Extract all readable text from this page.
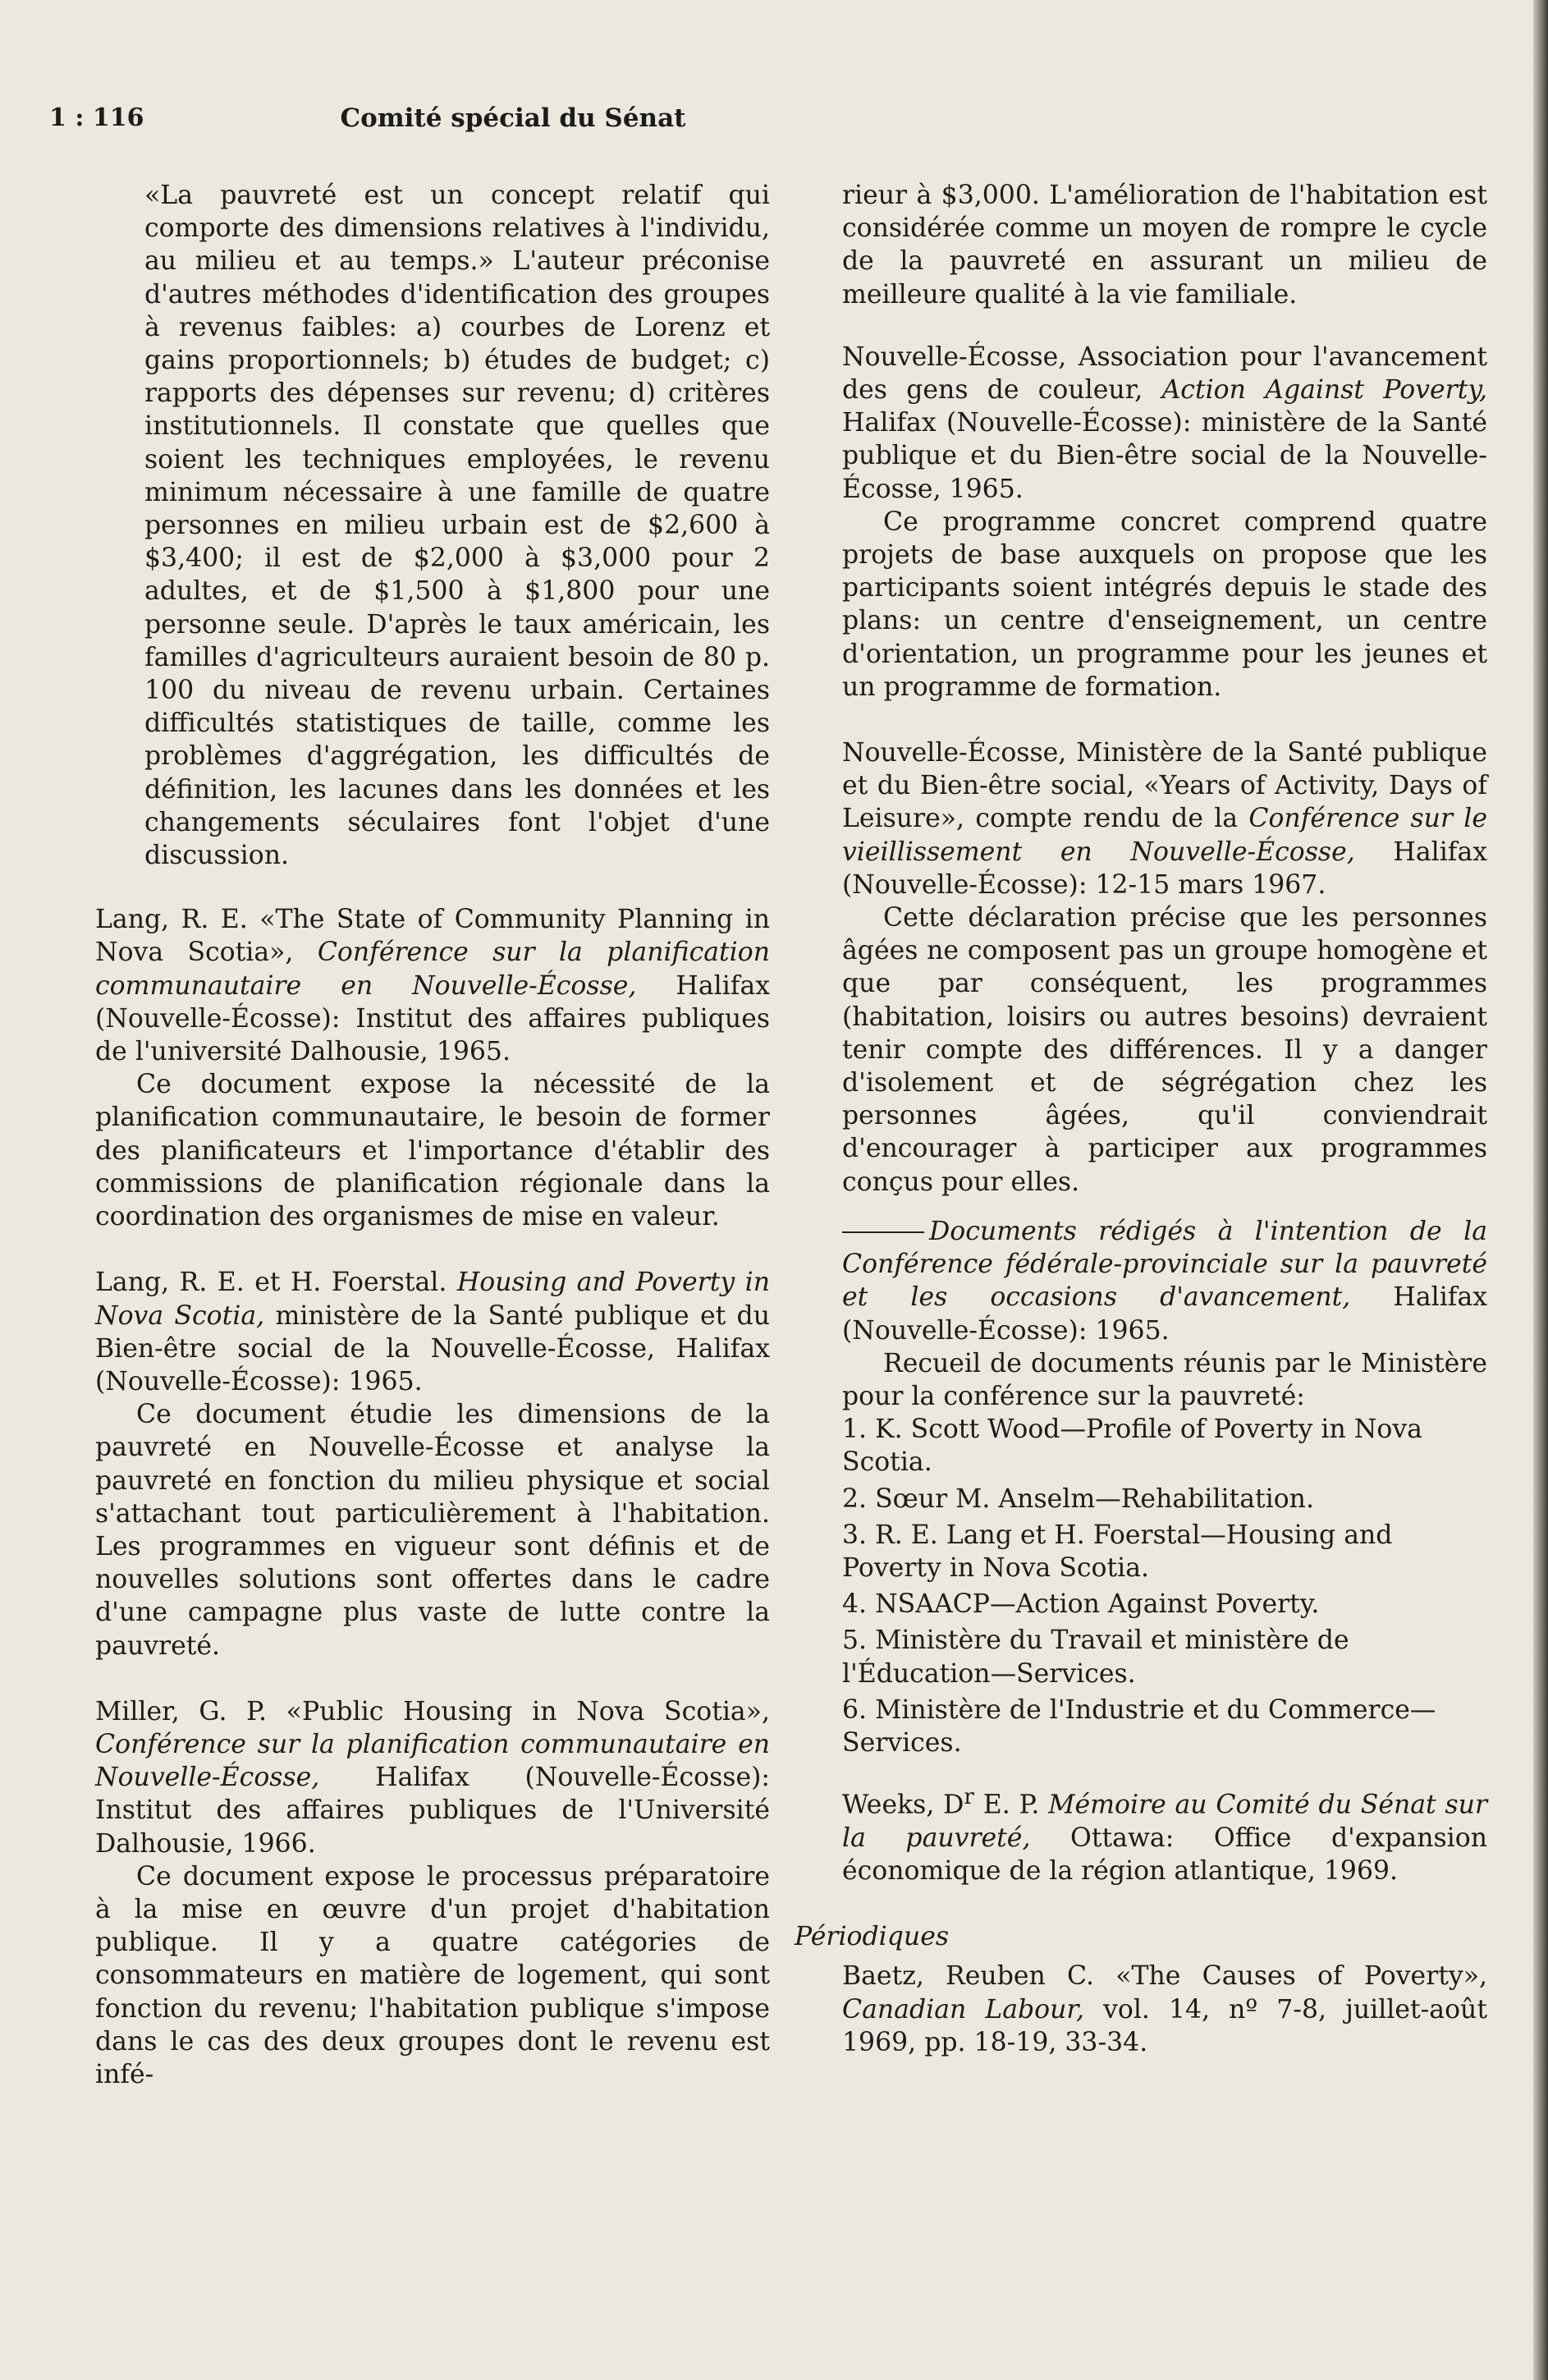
1 : 116	Comité spécial du Sénat
«La pauvreté est un concept relatif qui comporte des dimensions relatives à l'individu, au milieu et au temps.» L'auteur préconise d'autres méthodes d'identification des groupes à revenus faibles: a) courbes de Lorenz et gains proportionnels; b) études de budget; c) rapports des dépenses sur revenu; d) critères institutionnels. Il constate que quelles que soient les techniques employées, le revenu minimum nécessaire à une famille de quatre personnes en milieu urbain est de $2,600 à $3,400; il est de $2,000 à $3,000 pour 2 adultes, et de $1,500 à $1,800 pour une personne seule. D'après le taux américain, les familles d'agriculteurs auraient besoin de 80 p. 100 du niveau de revenu urbain. Certaines difficultés statistiques de taille, comme les problèmes d'aggrégation, les difficultés de définition, les lacunes dans les données et les changements séculaires font l'objet d'une discussion.

Lang, R. E. «The State of Community Planning in Nova Scotia», Conférence sur la planification communautaire en Nouvelle-Écosse, Halifax (Nouvelle-Écosse): Institut des affaires publiques de l'université Dalhousie, 1965.

Ce document expose la nécessité de la planification communautaire, le besoin de former des planificateurs et l'importance d'établir des commissions de planification régionale dans la coordination des organismes de mise en valeur.

Lang, R. E. et H. Foerstal. Housing and Poverty in Nova Scotia, ministère de la Santé publique et du Bien-être social de la Nouvelle-Écosse, Halifax (Nouvelle-Écosse): 1965.

Ce document étudie les dimensions de la pauvreté en Nouvelle-Écosse et analyse la pauvreté en fonction du milieu physique et social s'attachant tout particulièrement à l'habitation. Les programmes en vigueur sont définis et de nouvelles solutions sont offertes dans le cadre d'une campagne plus vaste de lutte contre la pauvreté.

Miller, G. P. «Public Housing in Nova Scotia», Conférence sur la planification communautaire en Nouvelle-Écosse, Halifax (Nouvelle-Écosse): Institut des affaires publiques de l'Université Dalhousie, 1966.

Ce document expose le processus préparatoire à la mise en œuvre d'un projet d'habitation publique. Il y a quatre catégories de consommateurs en matière de logement, qui sont fonction du revenu; l'habitation publique s'impose dans le cas des deux groupes dont le revenu est infé-

rieur à $3,000. L'amélioration de l'habitation est considérée comme un moyen de rompre le cycle de la pauvreté en assurant un milieu de meilleure qualité à la vie familiale.

Nouvelle-Écosse, Association pour l'avancement des gens de couleur, Action Against Poverty, Halifax (Nouvelle-Écosse): ministère de la Santé publique et du Bien-être social de la Nouvelle-Écosse, 1965.

Ce programme concret comprend quatre projets de base auxquels on propose que les participants soient intégrés depuis le stade des plans: un centre d'enseignement, un centre d'orientation, un programme pour les jeunes et un programme de formation.

Nouvelle-Écosse, Ministère de la Santé publique et du Bien-être social, «Years of Activity, Days of Leisure», compte rendu de la Conférence sur le vieillissement en Nouvelle-Écosse, Halifax (Nouvelle-Écosse): 12-15 mars 1967.

Cette déclaration précise que les personnes âgées ne composent pas un groupe homogène et que par conséquent, les programmes (habitation, loisirs ou autres besoins) devraient tenir compte des différences. Il y a danger d'isolement et de ségrégation chez les personnes âgées, qu'il conviendrait d'encourager à participer aux programmes conçus pour elles.

Documents rédigés à l'intention de la Conférence fédérale-provinciale sur la pauvreté et les occasions d'avancement, Halifax (Nouvelle-Écosse): 1965.

Recueil de documents réunis par le Ministère pour la conférence sur la pauvreté:

1. K. Scott Wood—Profile of Poverty in Nova Scotia.
2. Sœur M. Anselm—Rehabilitation.
3. R. E. Lang et H. Foerstal—Housing and Poverty in Nova Scotia.
4. NSAACP—Action Against Poverty.
5. Ministère du Travail et ministère de l'Éducation—Services.
6. Ministère de l'Industrie et du Commerce—Services.

Weeks, $D^r$ E. P. Mémoire au Comité du Sénat sur la pauvreté, Ottawa: Office d'expansion économique de la région atlantique, 1969.

Périodiques

Baetz, Reuben C. «The Causes of Poverty», Canadian Labour, vol. 14, nº 7-8, juillet-août 1969, pp. 18-19, 33-34.
